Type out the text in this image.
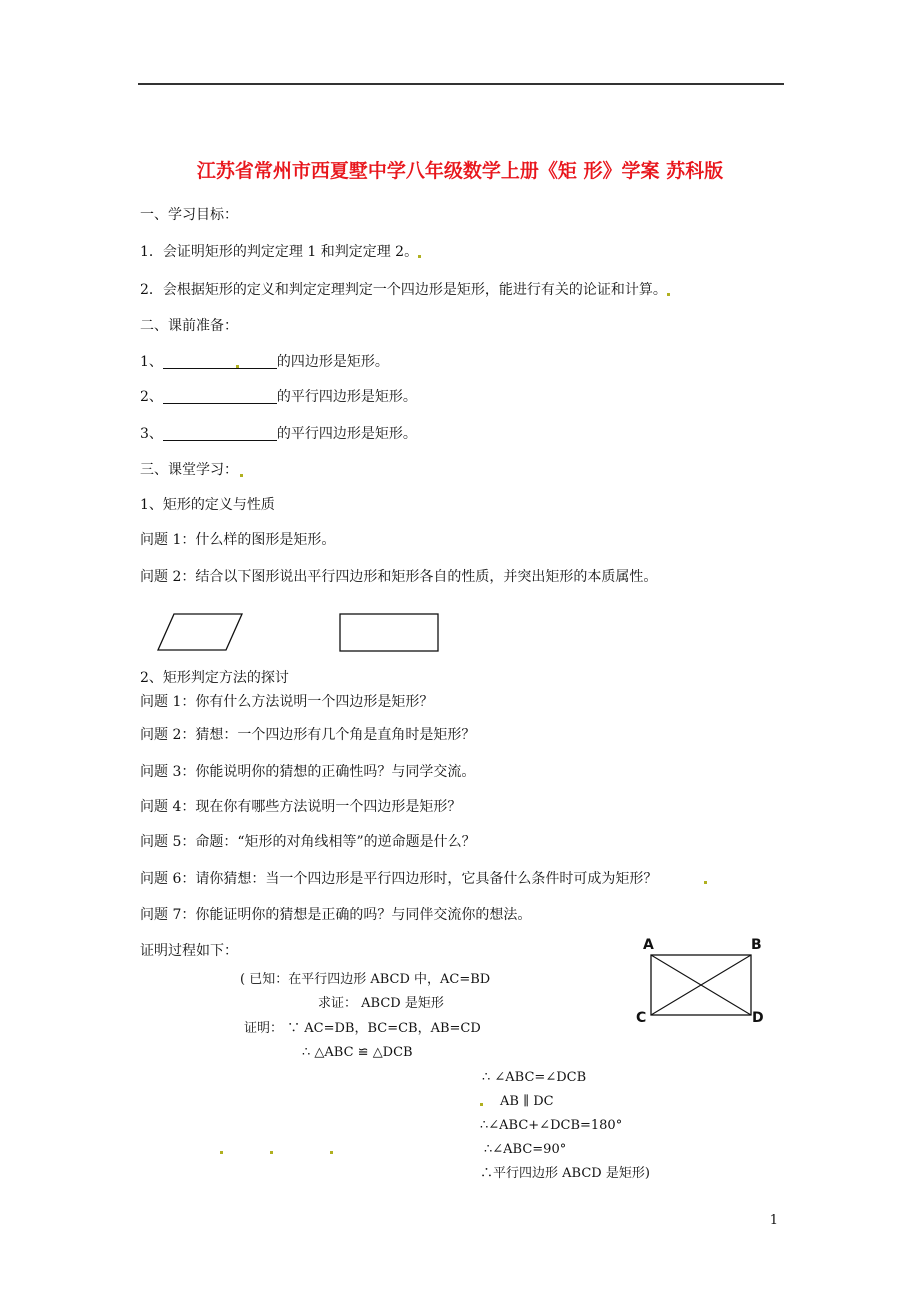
江苏省常州市西夏墅中学八年级数学上册《矩 形》学案 苏科版
一、学习目标：
1．会证明矩形的判定定理 1 和判定定理 2。
2．会根据矩形的定义和判定定理判定一个四边形是矩形，能进行有关的论证和计算。
二、课前准备：
1、	的四边形是矩形。
2、	的平行四边形是矩形。
3、	的平行四边形是矩形。
三、课堂学习：
1、矩形的定义与性质
问题 1：什么样的图形是矩形。
问题 2：结合以下图形说出平行四边形和矩形各自的性质，并突出矩形的本质属性。
2、矩形判定方法的探讨
问题 1：你有什么方法说明一个四边形是矩形？
问题 2：猜想：一个四边形有几个角是直角时是矩形？
问题 3：你能说明你的猜想的正确性吗？与同学交流。
问题 4：现在你有哪些方法说明一个四边形是矩形？
问题 5：命题：“矩形的对角线相等”的逆命题是什么？
问题 6：请你猜想：当一个四边形是平行四边形时，它具备什么条件时可成为矩形？
问题 7：你能证明你的猜想是正确的吗？与同伴交流你的想法。
证明过程如下：	A	B
C	D
( 已知：在平行四边形 ABCD 中，AC=BD
求证： ABCD 是矩形
证明： ∵ AC=DB，BC=CB，AB=CD
∴ △ABC ≌ △DCB
∴ ∠ABC=∠DCB
AB ∥ DC
∴∠ABC+∠DCB=180°
∴∠ABC=90°
∴平行四边形 ABCD 是矩形)
1
